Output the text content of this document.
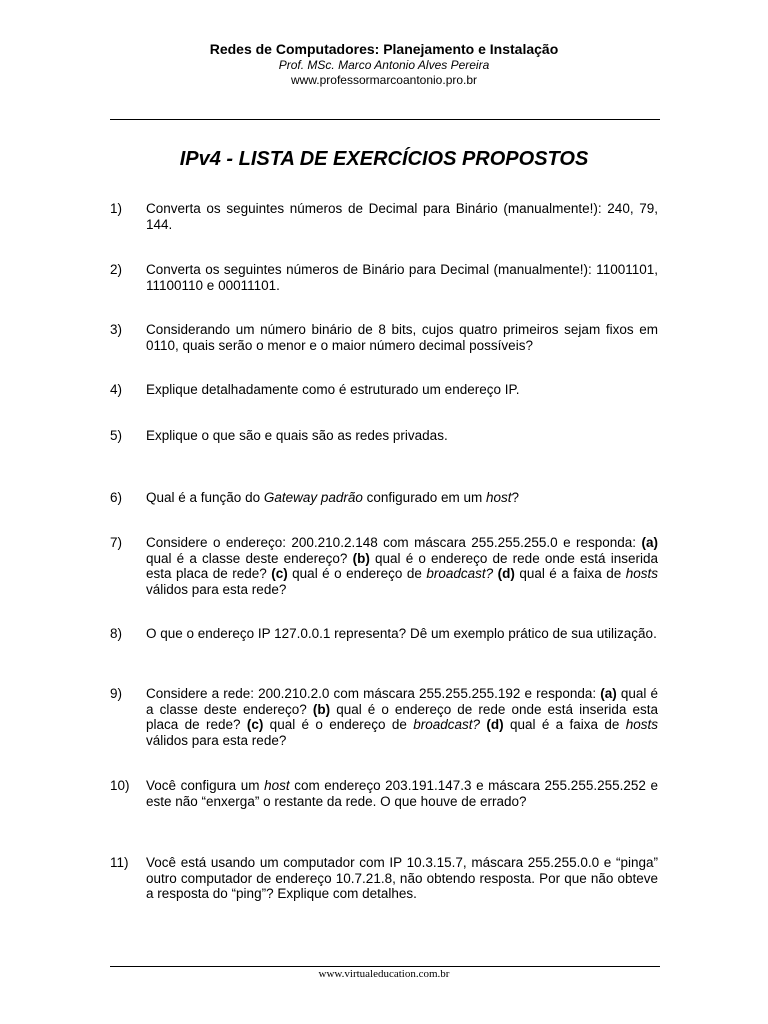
Redes de Computadores: Planejamento e Instalação
Prof. MSc. Marco Antonio Alves Pereira
www.professormarcoantonio.pro.br
IPv4 - LISTA DE EXERCÍCIOS PROPOSTOS
1)	Converta os seguintes números de Decimal para Binário (manualmente!): 240, 79, 144.
2)	Converta os seguintes números de Binário para Decimal (manualmente!): 11001101, 11100110 e 00011101.
3)	Considerando um número binário de 8 bits, cujos quatro primeiros sejam fixos em 0110, quais serão o menor e o maior número decimal possíveis?
4)	Explique detalhadamente como é estruturado um endereço IP.
5)	Explique o que são e quais são as redes privadas.
6)	Qual é a função do Gateway padrão configurado em um host?
7)	Considere o endereço: 200.210.2.148 com máscara 255.255.255.0 e responda: (a) qual é a classe deste endereço? (b) qual é o endereço de rede onde está inserida esta placa de rede? (c) qual é o endereço de broadcast? (d) qual é a faixa de hosts válidos para esta rede?
8)	O que o endereço IP 127.0.0.1 representa? Dê um exemplo prático de sua utilização.
9)	Considere a rede: 200.210.2.0 com máscara 255.255.255.192 e responda: (a) qual é a classe deste endereço? (b) qual é o endereço de rede onde está inserida esta placa de rede? (c) qual é o endereço de broadcast? (d) qual é a faixa de hosts válidos para esta rede?
10)	Você configura um host com endereço 203.191.147.3 e máscara 255.255.255.252 e este não “enxerga” o restante da rede. O que houve de errado?
11)	Você está usando um computador com IP 10.3.15.7, máscara 255.255.0.0 e “pinga” outro computador de endereço 10.7.21.8, não obtendo resposta. Por que não obteve a resposta do “ping”? Explique com detalhes.
www.virtualeducation.com.br
